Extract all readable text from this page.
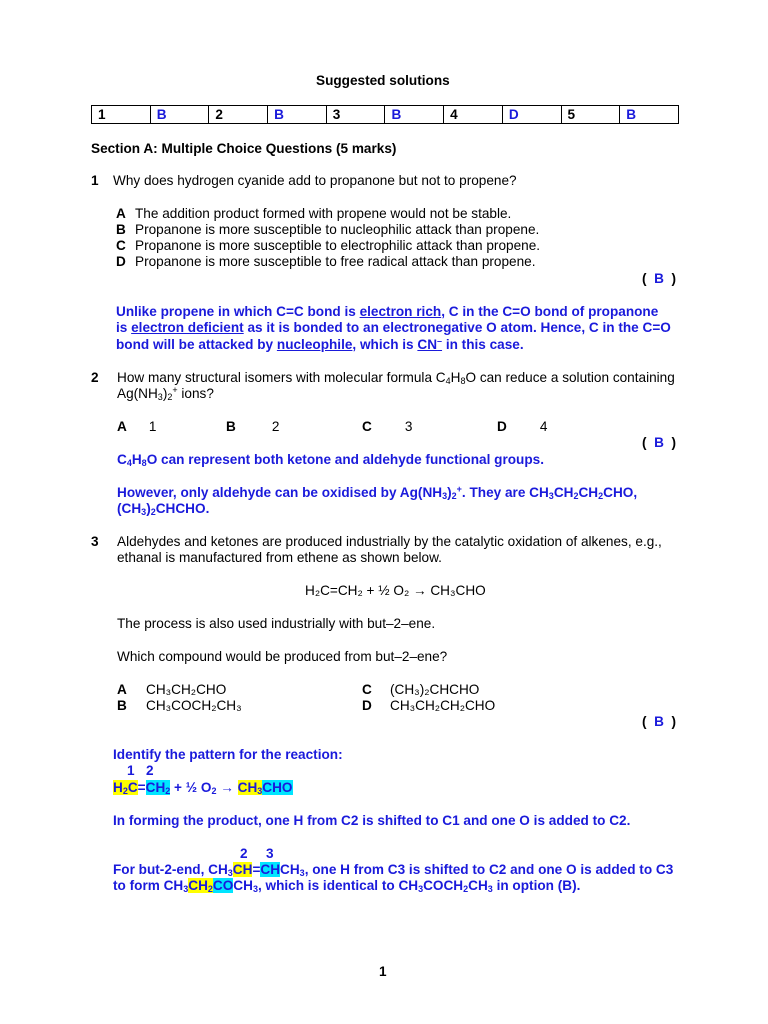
Suggested solutions
1	B	2	B	3	B	4	D	5	B
Section A: Multiple Choice Questions (5 marks)
1 Why does hydrogen cyanide add to propanone but not to propene?
A The addition product formed with propene would not be stable.
B Propanone is more susceptible to nucleophilic attack than propene.
C Propanone is more susceptible to electrophilic attack than propene.
D Propanone is more susceptible to free radical attack than propene.
(  B  )
Unlike propene in which C=C bond is electron rich, C in the C=O bond of propanone
is electron deficient as it is bonded to an electronegative O atom. Hence, C in the C=O
bond will be attacked by nucleophile, which is CN– in this case.
2 How many structural isomers with molecular formula $C_4H_8O$ can reduce a solution containing
$Ag(NH_3)_2^+$ ions?
A 1	B	2	C 3	D 4
(  B  )
$C_4H_8O$ can represent both ketone and aldehyde functional groups.
However, only aldehyde can be oxidised by $Ag(NH_3)_2^+$. They are $CH_3CH_2CH_2CHO$,
$(CH_3)_2CHCHO$.
3 Aldehydes and ketones are produced industrially by the catalytic oxidation of alkenes, e.g.,
ethanal is manufactured from ethene as shown below.
H₂C=CH₂ + ½ O₂ → CH₃CHO
The process is also used industrially with but–2–ene.
Which compound would be produced from but–2–ene?
A CH₃CH₂CHO
B CH₃COCH₂CH₃
C (CH₃)₂CHCHO
D CH₃CH₂CH₂CHO
(  B  )
Identify the pattern for the reaction:
1 2
$H_2C=CH_2$ + ½ $O_2 \to CH_3CHO$
In forming the product, one H from C2 is shifted to C1 and one O is added to C2.
2 3
For but-2-end, $CH_3CH=CHCH_3$, one H from C3 is shifted to C2 and one O is added to C3
to form $CH_3CH_2COCH_3$, which is identical to $CH_3COCH_2CH_3$ in option (B).
1
